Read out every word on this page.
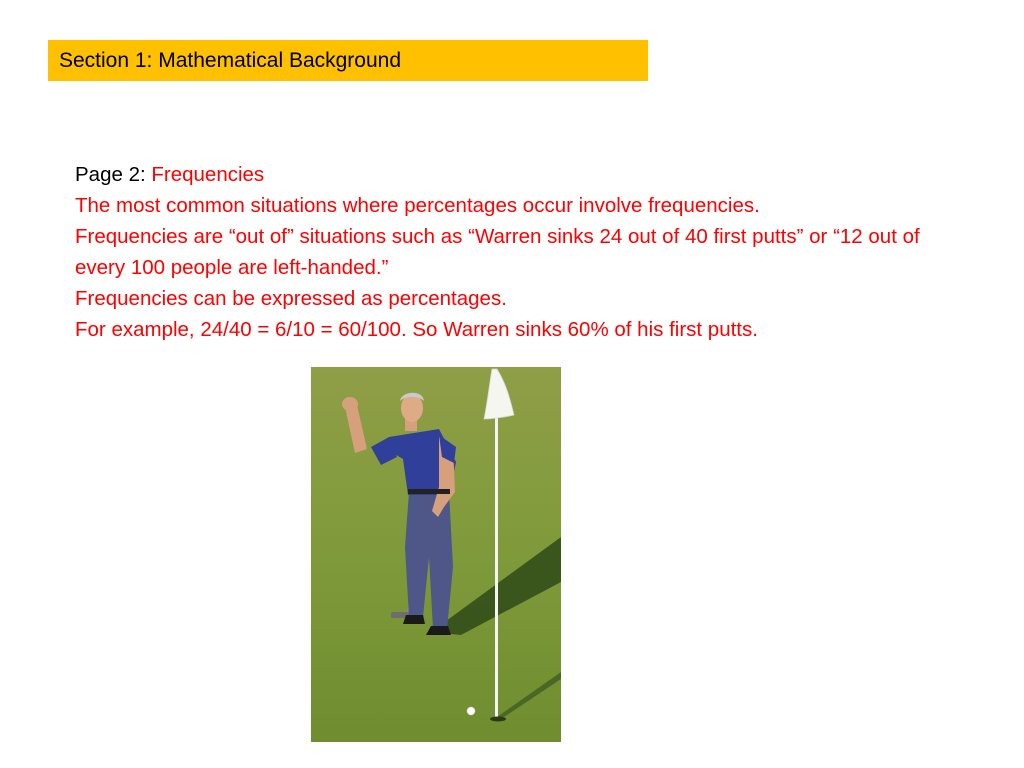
Section 1: Mathematical Background

Page 2: Frequencies

The most common situations where percentages occur involve frequencies.

Frequencies are “out of” situations such as “Warren sinks 24 out of 40 first putts” or “12 out of every 100 people are left-handed.”

Frequencies can be expressed as percentages.

For example, 24/40 = 6/10 = 60/100. So Warren sinks 60% of his first putts.
